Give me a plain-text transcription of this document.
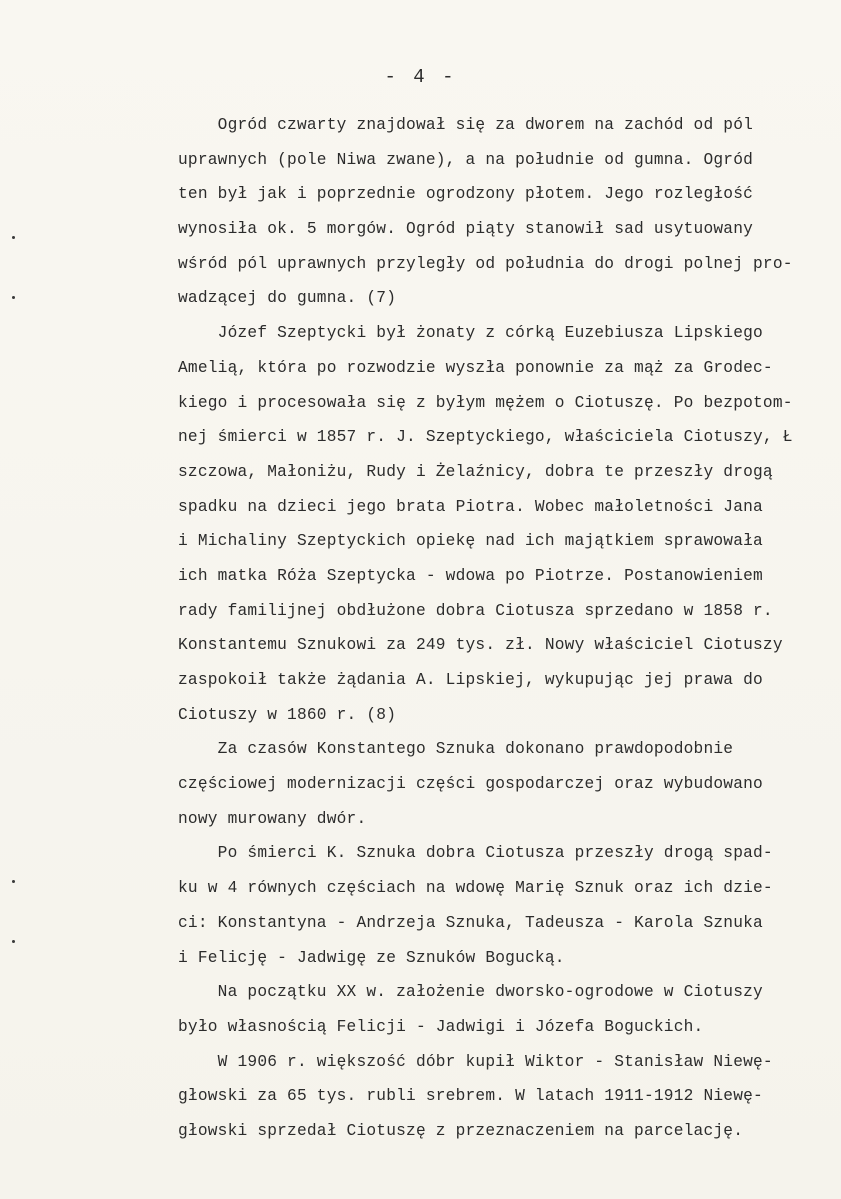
- 4 -
Ogród czwarty znajdował się za dworem na zachód od pól
uprawnych (pole Niwa zwane), a na południe od gumna. Ogród
ten był jak i poprzednie ogrodzony płotem. Jego rozległość
wynosiła ok. 5 morgów. Ogród piąty stanowił sad usytuowany
wśród pól uprawnych przyległy od południa do drogi polnej pro-
wadzącej do gumna. (7)
Józef Szeptycki był żonaty z córką Euzebiusza Lipskiego
Amelią, która po rozwodzie wyszła ponownie za mąż za Grodec-
kiego i procesowała się z byłym mężem o Ciotuszę. Po bezpotom-
nej śmierci w 1857 r. J. Szeptyckiego, właściciela Ciotuszy, Ł
szczowa, Małoniżu, Rudy i Żelaźnicy, dobra te przeszły drogą
spadku na dzieci jego brata Piotra. Wobec małoletności Jana
i Michaliny Szeptyckich opiekę nad ich majątkiem sprawowała
ich matka Róża Szeptycka - wdowa po Piotrze. Postanowieniem
rady familijnej obdłużone dobra Ciotusza sprzedano w 1858 r.
Konstantemu Sznukowi za 249 tys. zł. Nowy właściciel Ciotuszy
zaspokoił także żądania A. Lipskiej, wykupując jej prawa do
Ciotuszy w 1860 r. (8)
Za czasów Konstantego Sznuka dokonano prawdopodobnie
częściowej modernizacji części gospodarczej oraz wybudowano
nowy murowany dwór.
Po śmierci K. Sznuka dobra Ciotusza przeszły drogą spad-
ku w 4 równych częściach na wdowę Marię Sznuk oraz ich dzie-
ci: Konstantyna - Andrzeja Sznuka, Tadeusza - Karola Sznuka
i Felicję - Jadwigę ze Sznuków Bogucką.
Na początku XX w. założenie dworsko-ogrodowe w Ciotuszy
było własnością Felicji - Jadwigi i Józefa Boguckich.
W 1906 r. większość dóbr kupił Wiktor - Stanisław Niewę-
głowski za 65 tys. rubli srebrem. W latach 1911-1912 Niewę-
głowski sprzedał Ciotuszę z przeznaczeniem na parcelację.
